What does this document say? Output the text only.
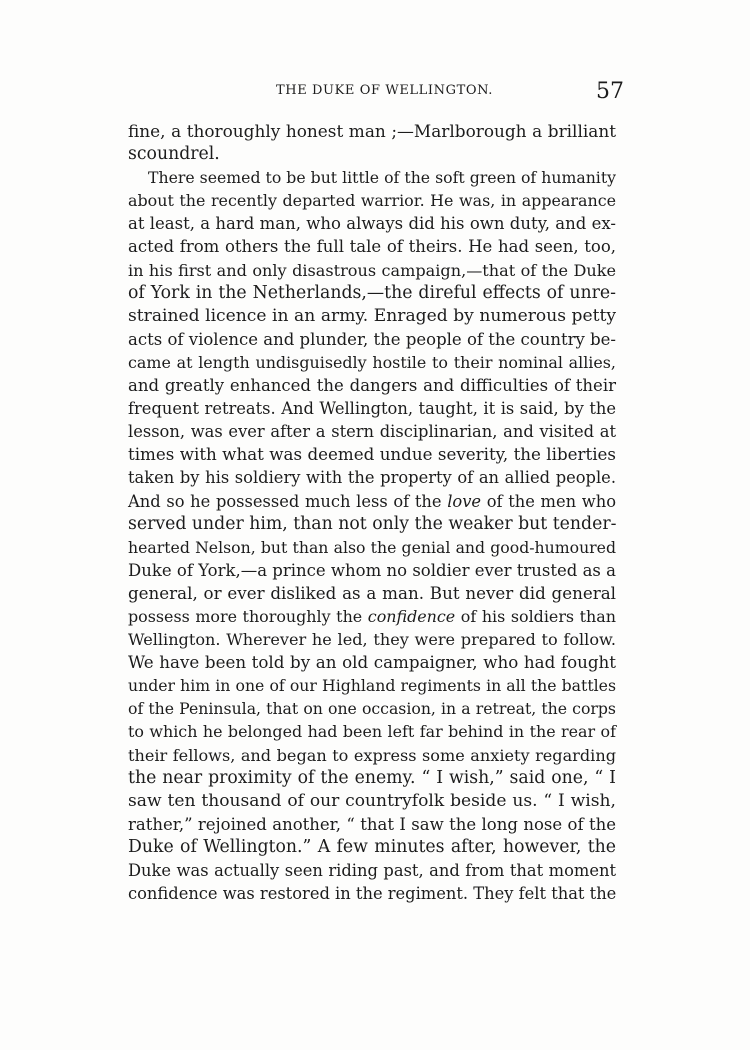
THE DUKE OF WELLINGTON.	57
fine, a thoroughly honest man ;—Marlborough a brilliant
scoundrel.
There seemed to be but little of the soft green of humanity
about the recently departed warrior. He was, in appearance
at least, a hard man, who always did his own duty, and ex-
acted from others the full tale of theirs. He had seen, too,
in his first and only disastrous campaign,—that of the Duke
of York in the Netherlands,—the direful effects of unre-
strained licence in an army. Enraged by numerous petty
acts of violence and plunder, the people of the country be-
came at length undisguisedly hostile to their nominal allies,
and greatly enhanced the dangers and difficulties of their
frequent retreats. And Wellington, taught, it is said, by the
lesson, was ever after a stern disciplinarian, and visited at
times with what was deemed undue severity, the liberties
taken by his soldiery with the property of an allied people.
And so he possessed much less of the love of the men who
served under him, than not only the weaker but tender-
hearted Nelson, but than also the genial and good-humoured
Duke of York,—a prince whom no soldier ever trusted as a
general, or ever disliked as a man. But never did general
possess more thoroughly the confidence of his soldiers than
Wellington. Wherever he led, they were prepared to follow.
We have been told by an old campaigner, who had fought
under him in one of our Highland regiments in all the battles
of the Peninsula, that on one occasion, in a retreat, the corps
to which he belonged had been left far behind in the rear of
their fellows, and began to express some anxiety regarding
the near proximity of the enemy. “ I wish,” said one, “ I
saw ten thousand of our countryfolk beside us. “ I wish,
rather,” rejoined another, “ that I saw the long nose of the
Duke of Wellington.” A few minutes after, however, the
Duke was actually seen riding past, and from that moment
confidence was restored in the regiment. They felt that the
